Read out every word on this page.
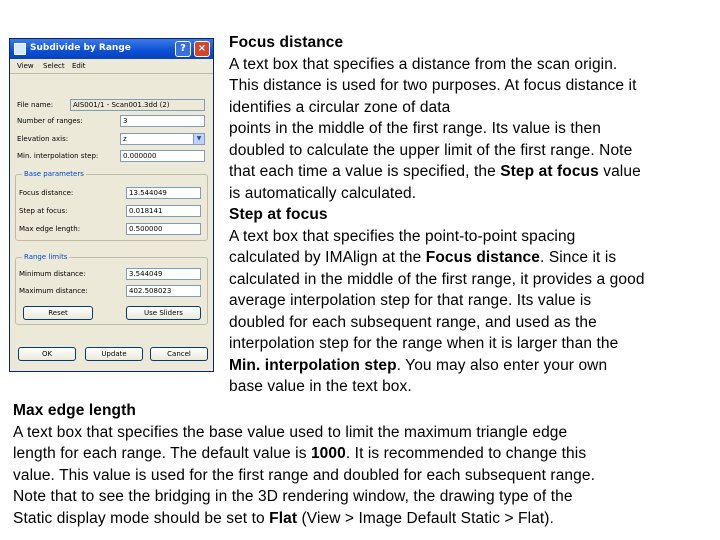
Subdivide by Range	?	×
View Select Edit
File name:	AIS001/1 - Scan001.3dd (2)
Number of ranges:	3
Elevation axis:	z	▼
Min. interpolation step:	0.000000
Base parameters
Focus distance:	13.544049
Step at focus:	0.018141
Max edge length:	0.500000
Range limits
Minimum distance:	3.544049
Maximum distance:	402.508023
Reset	Use Sliders
OK	Update	Cancel
Focus distance
A text box that specifies a distance from the scan origin.
This distance is used for two purposes. At focus distance it
identifies a circular zone of data
points in the middle of the first range. Its value is then
doubled to calculate the upper limit of the first range. Note
that each time a value is specified, the Step at focus value
is automatically calculated.
Step at focus
A text box that specifies the point-to-point spacing
calculated by IMAlign at the Focus distance. Since it is
calculated in the middle of the first range, it provides a good
average interpolation step for that range. Its value is
doubled for each subsequent range, and used as the
interpolation step for the range when it is larger than the
Min. interpolation step. You may also enter your own
base value in the text box.
Max edge length
A text box that specifies the base value used to limit the maximum triangle edge
length for each range. The default value is 1000. It is recommended to change this
value. This value is used for the first range and doubled for each subsequent range.
Note that to see the bridging in the 3D rendering window, the drawing type of the
Static display mode should be set to Flat (View > Image Default Static > Flat).
